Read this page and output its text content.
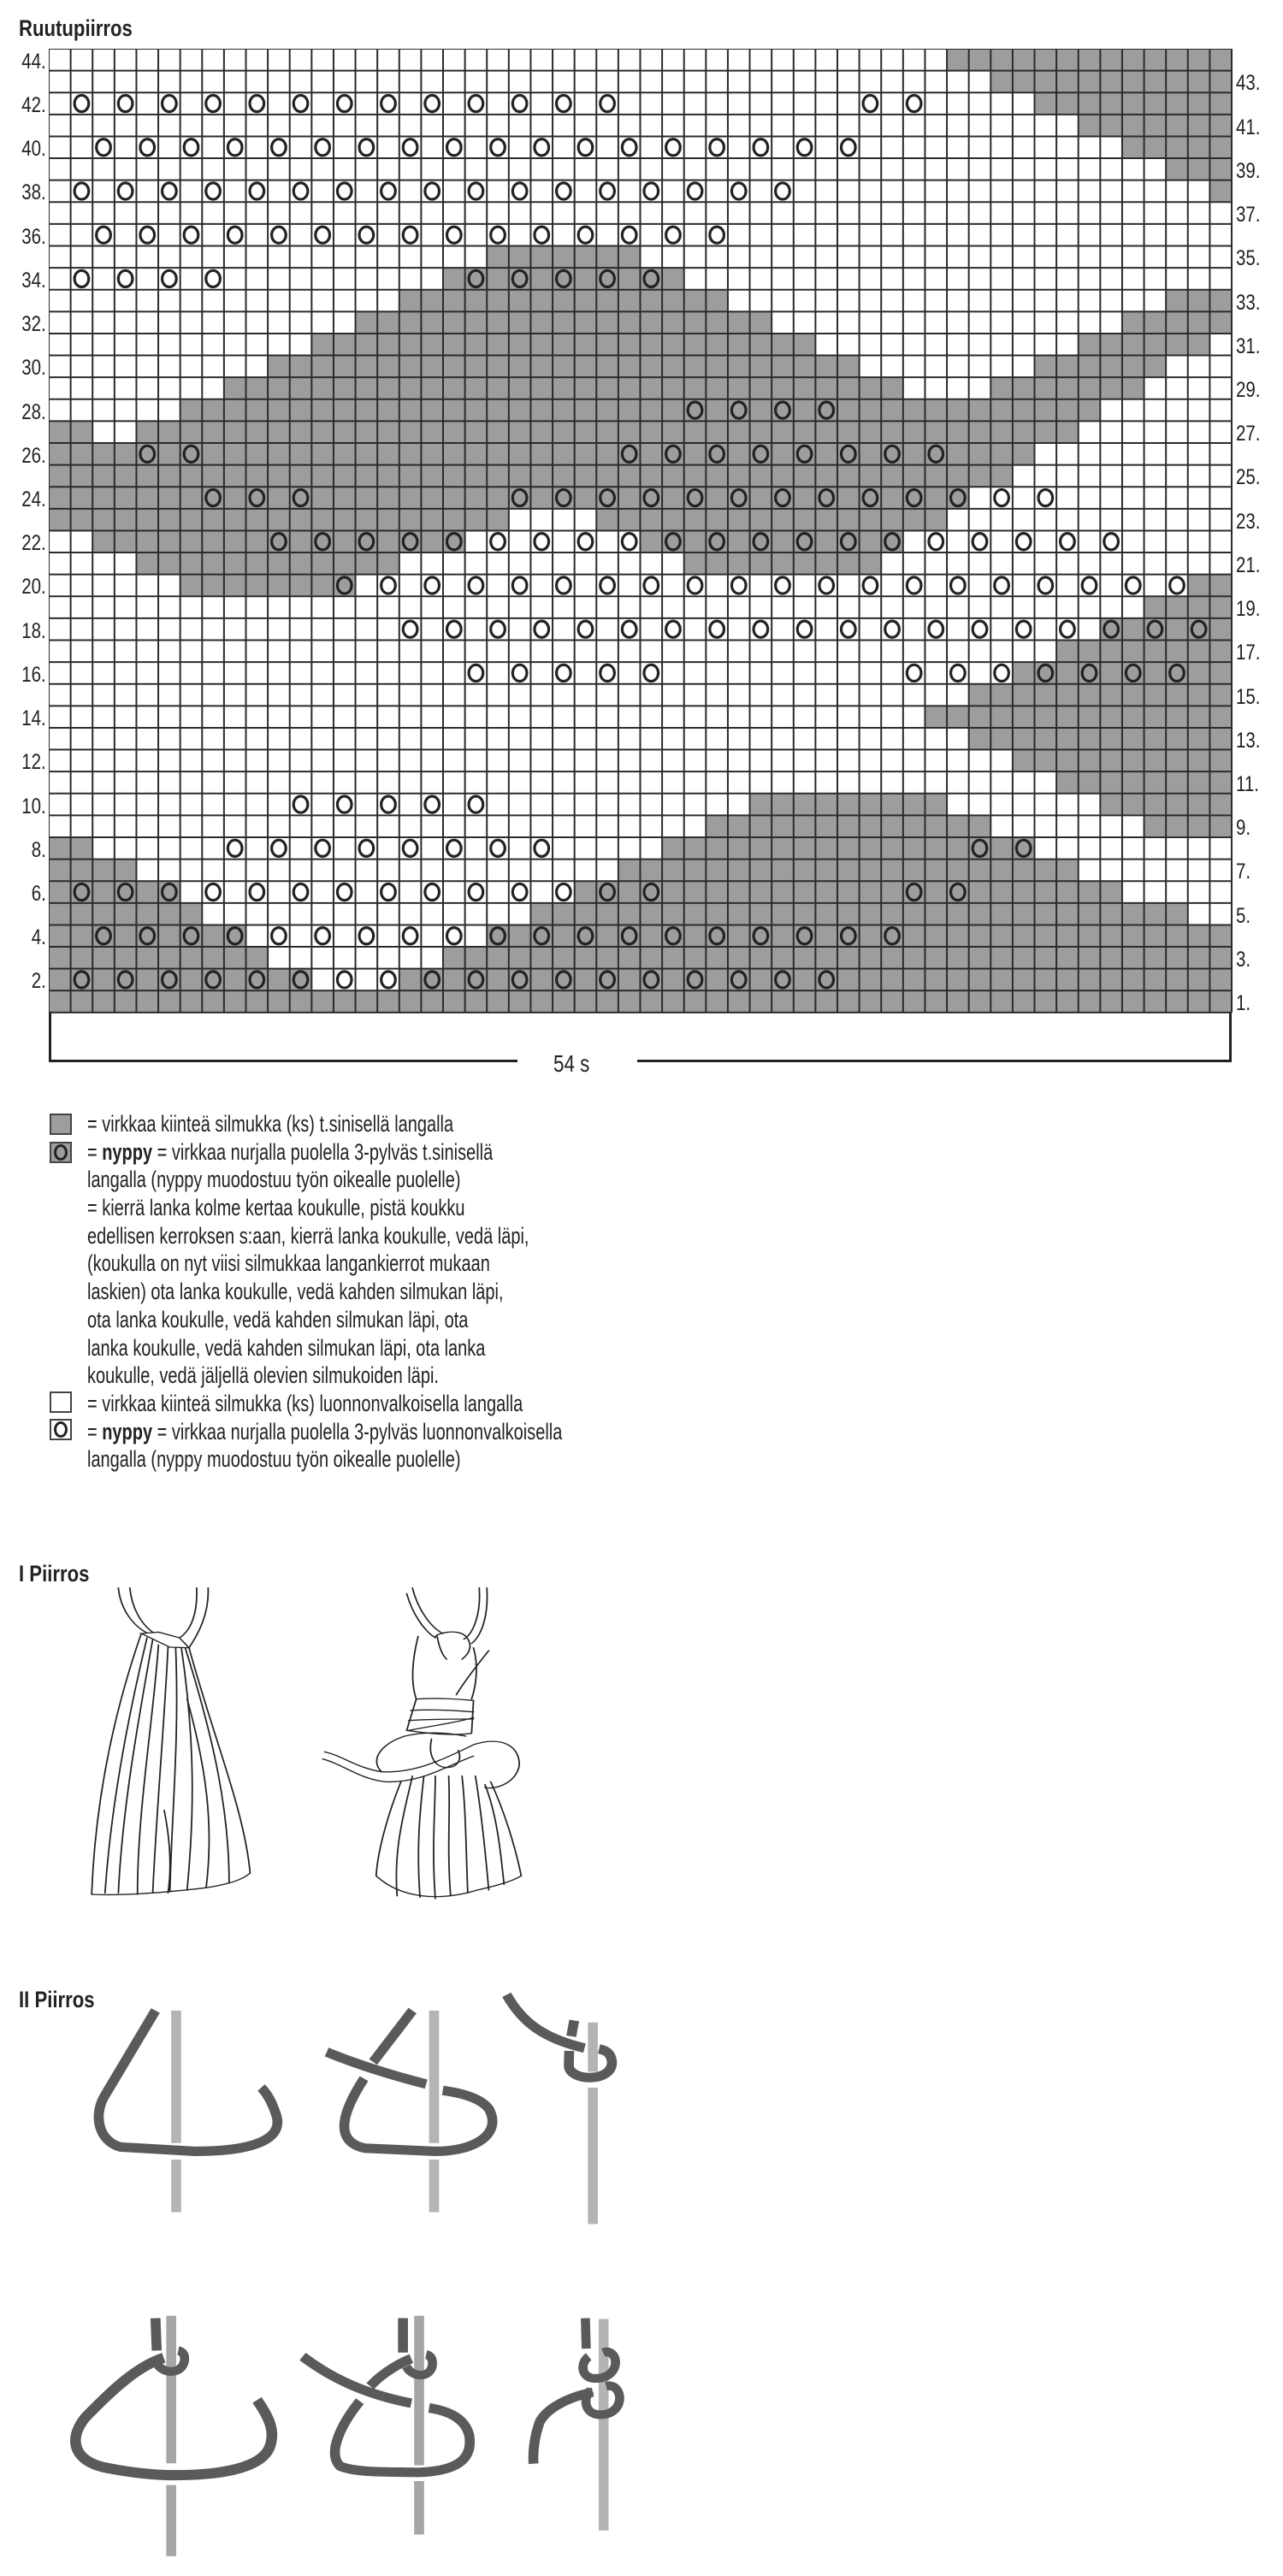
Ruutupiirros
44.
43.
42.
41.
40.
39.
38.
37.
36.
35.
34.
33.
32.
31.
30.
29.
28.
27.
26.
25.
24.
23.
22.
21.
20.
19.
18.
17.
16.
15.
14.
13.
12.
11.
10.
9.
8.
7.
6.
5.
4.
3.
2.
1.
54 s
= virkkaa kiinteä silmukka (ks) t.sinisellä langalla
= nyppy = virkkaa nurjalla puolella 3-pylväs t.sinisellä
langalla (nyppy muodostuu työn oikealle puolelle)
= kierrä lanka kolme kertaa koukulle, pistä koukku
edellisen kerroksen s:aan, kierrä lanka koukulle, vedä läpi,
(koukulla on nyt viisi silmukkaa langankierrot mukaan
laskien) ota lanka koukulle, vedä kahden silmukan läpi,
ota lanka koukulle, vedä kahden silmukan läpi, ota
lanka koukulle, vedä kahden silmukan läpi, ota lanka
koukulle, vedä jäljellä olevien silmukoiden läpi.
= virkkaa kiinteä silmukka (ks) luonnonvalkoisella langalla
= nyppy = virkkaa nurjalla puolella 3-pylväs luonnonvalkoisella
langalla (nyppy muodostuu työn oikealle puolelle)
I Piirros
II Piirros
